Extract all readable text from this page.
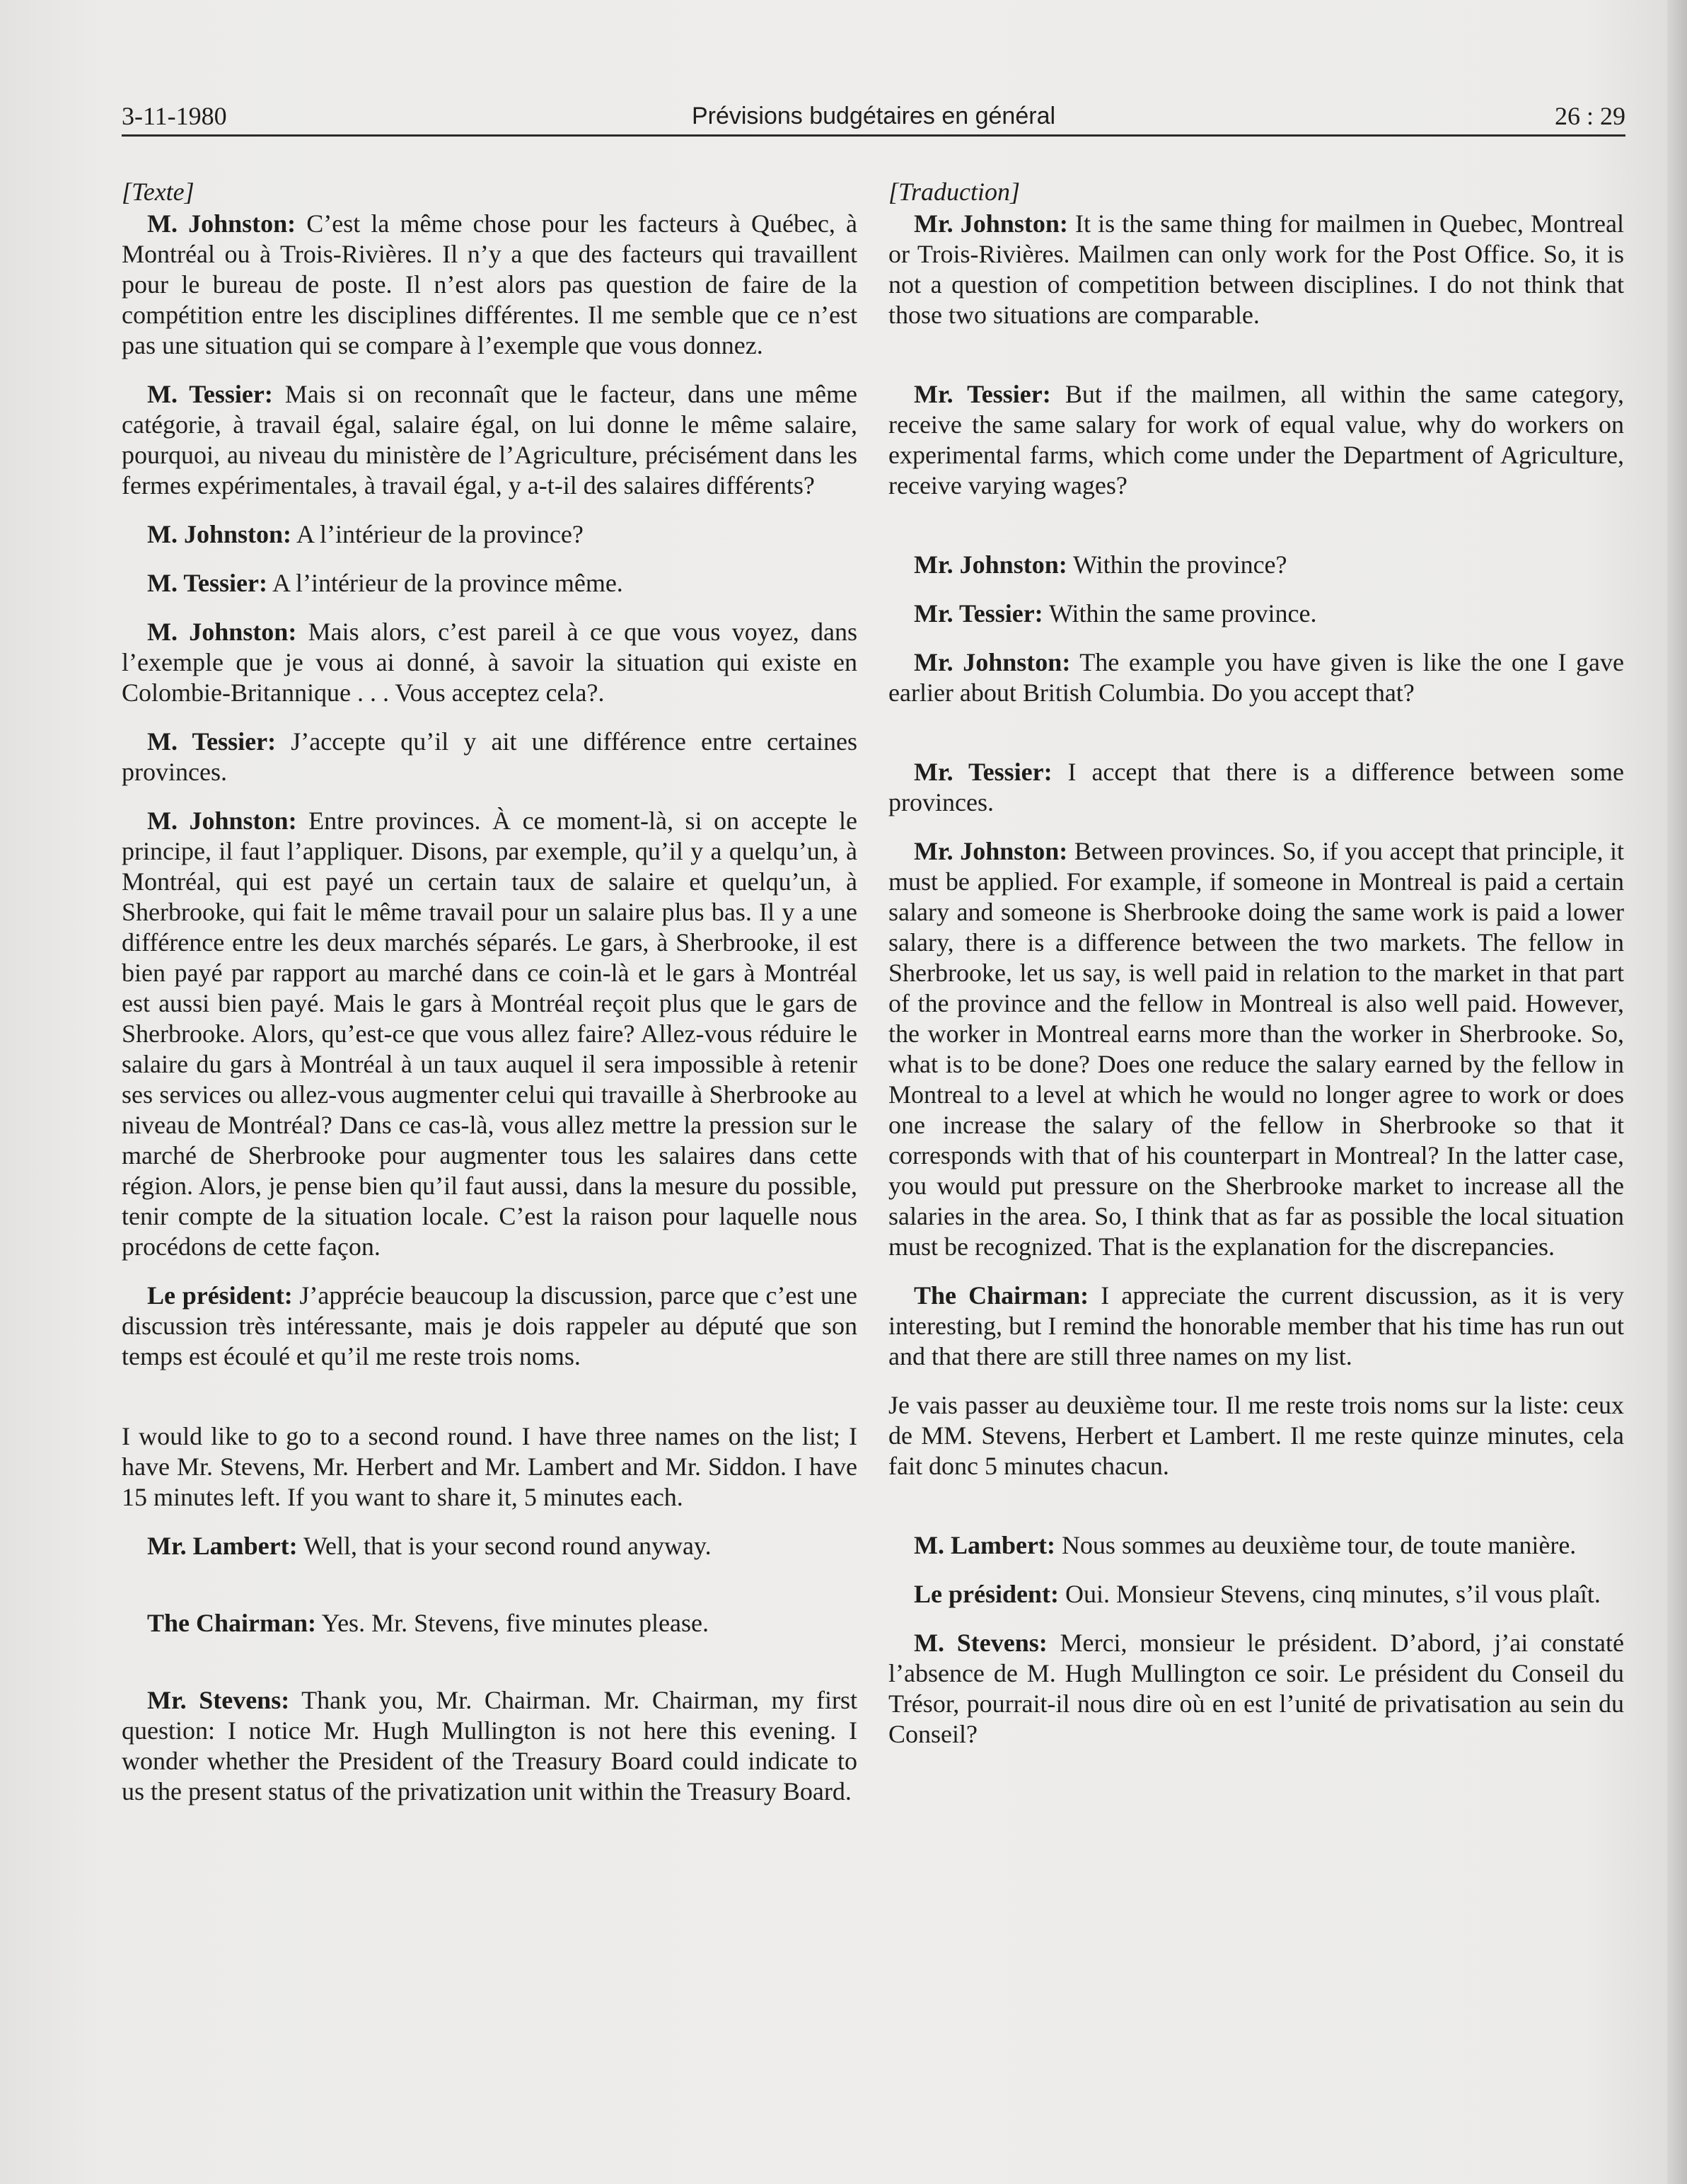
3-11-1980	Prévisions budgétaires en général	26 : 29

[Texte]

M. Johnston: C’est la même chose pour les facteurs à Québec, à Montréal ou à Trois-Rivières. Il n’y a que des facteurs qui travaillent pour le bureau de poste. Il n’est alors pas question de faire de la compétition entre les disciplines différentes. Il me semble que ce n’est pas une situation qui se compare à l’exemple que vous donnez.

M. Tessier: Mais si on reconnaît que le facteur, dans une même catégorie, à travail égal, salaire égal, on lui donne le même salaire, pourquoi, au niveau du ministère de l’Agriculture, précisément dans les fermes expérimentales, à travail égal, y a-t-il des salaires différents?

M. Johnston: A l’intérieur de la province?

M. Tessier: A l’intérieur de la province même.

M. Johnston: Mais alors, c’est pareil à ce que vous voyez, dans l’exemple que je vous ai donné, à savoir la situation qui existe en Colombie-Britannique . . . Vous acceptez cela?.

M. Tessier: J’accepte qu’il y ait une différence entre certaines provinces.

M. Johnston: Entre provinces. À ce moment-là, si on accepte le principe, il faut l’appliquer. Disons, par exemple, qu’il y a quelqu’un, à Montréal, qui est payé un certain taux de salaire et quelqu’un, à Sherbrooke, qui fait le même travail pour un salaire plus bas. Il y a une différence entre les deux marchés séparés. Le gars, à Sherbrooke, il est bien payé par rapport au marché dans ce coin-là et le gars à Montréal est aussi bien payé. Mais le gars à Montréal reçoit plus que le gars de Sherbrooke. Alors, qu’est-ce que vous allez faire? Allez-vous réduire le salaire du gars à Montréal à un taux auquel il sera impossible à retenir ses services ou allez-vous augmenter celui qui travaille à Sherbrooke au niveau de Montréal? Dans ce cas-là, vous allez mettre la pression sur le marché de Sherbrooke pour augmenter tous les salaires dans cette région. Alors, je pense bien qu’il faut aussi, dans la mesure du possible, tenir compte de la situation locale. C’est la raison pour laquelle nous procédons de cette façon.

Le président: J’apprécie beaucoup la discussion, parce que c’est une discussion très intéressante, mais je dois rappeler au député que son temps est écoulé et qu’il me reste trois noms.

I would like to go to a second round. I have three names on the list; I have Mr. Stevens, Mr. Herbert and Mr. Lambert and Mr. Siddon. I have 15 minutes left. If you want to share it, 5 minutes each.

Mr. Lambert: Well, that is your second round anyway.

The Chairman: Yes. Mr. Stevens, five minutes please.

Mr. Stevens: Thank you, Mr. Chairman. Mr. Chairman, my first question: I notice Mr. Hugh Mullington is not here this evening. I wonder whether the President of the Treasury Board could indicate to us the present status of the privatization unit within the Treasury Board.

[Traduction]

Mr. Johnston: It is the same thing for mailmen in Quebec, Montreal or Trois-Rivières. Mailmen can only work for the Post Office. So, it is not a question of competition between disciplines. I do not think that those two situations are comparable.

Mr. Tessier: But if the mailmen, all within the same category, receive the same salary for work of equal value, why do workers on experimental farms, which come under the Department of Agriculture, receive varying wages?

Mr. Johnston: Within the province?

Mr. Tessier: Within the same province.

Mr. Johnston: The example you have given is like the one I gave earlier about British Columbia. Do you accept that?

Mr. Tessier: I accept that there is a difference between some provinces.

Mr. Johnston: Between provinces. So, if you accept that principle, it must be applied. For example, if someone in Montreal is paid a certain salary and someone is Sherbrooke doing the same work is paid a lower salary, there is a difference between the two markets. The fellow in Sherbrooke, let us say, is well paid in relation to the market in that part of the province and the fellow in Montreal is also well paid. However, the worker in Montreal earns more than the worker in Sherbrooke. So, what is to be done? Does one reduce the salary earned by the fellow in Montreal to a level at which he would no longer agree to work or does one increase the salary of the fellow in Sherbrooke so that it corresponds with that of his counterpart in Montreal? In the latter case, you would put pressure on the Sherbrooke market to increase all the salaries in the area. So, I think that as far as possible the local situation must be recognized. That is the explanation for the discrepancies.

The Chairman: I appreciate the current discussion, as it is very interesting, but I remind the honorable member that his time has run out and that there are still three names on my list.

Je vais passer au deuxième tour. Il me reste trois noms sur la liste: ceux de MM. Stevens, Herbert et Lambert. Il me reste quinze minutes, cela fait donc 5 minutes chacun.

M. Lambert: Nous sommes au deuxième tour, de toute manière.

Le président: Oui. Monsieur Stevens, cinq minutes, s’il vous plaît.

M. Stevens: Merci, monsieur le président. D’abord, j’ai constaté l’absence de M. Hugh Mullington ce soir. Le président du Conseil du Trésor, pourrait-il nous dire où en est l’unité de privatisation au sein du Conseil?
